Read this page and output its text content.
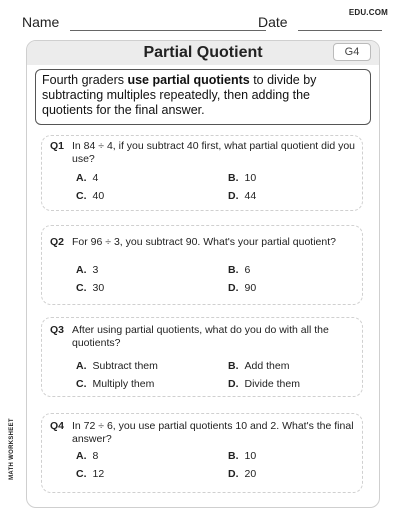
Name	Date
EDU.COM
MATH WORKSHEET
Partial Quotient	G4
Fourth graders use partial quotients to divide by subtracting multiples repeatedly, then adding the quotients for the final answer.
Q1 In 84 ÷ 4, if you subtract 40 first, what partial quotient did you use?
A. 4	B. 10
C. 40	D. 44
Q2 For 96 ÷ 3, you subtract 90. What's your partial quotient?
A. 3	B. 6
C. 30	D. 90
Q3 After using partial quotients, what do you do with all the quotients?
A. Subtract them	B. Add them
C. Multiply them	D. Divide them
Q4 In 72 ÷ 6, you use partial quotients 10 and 2. What's the final answer?
A. 8	B. 10
C. 12	D. 20
